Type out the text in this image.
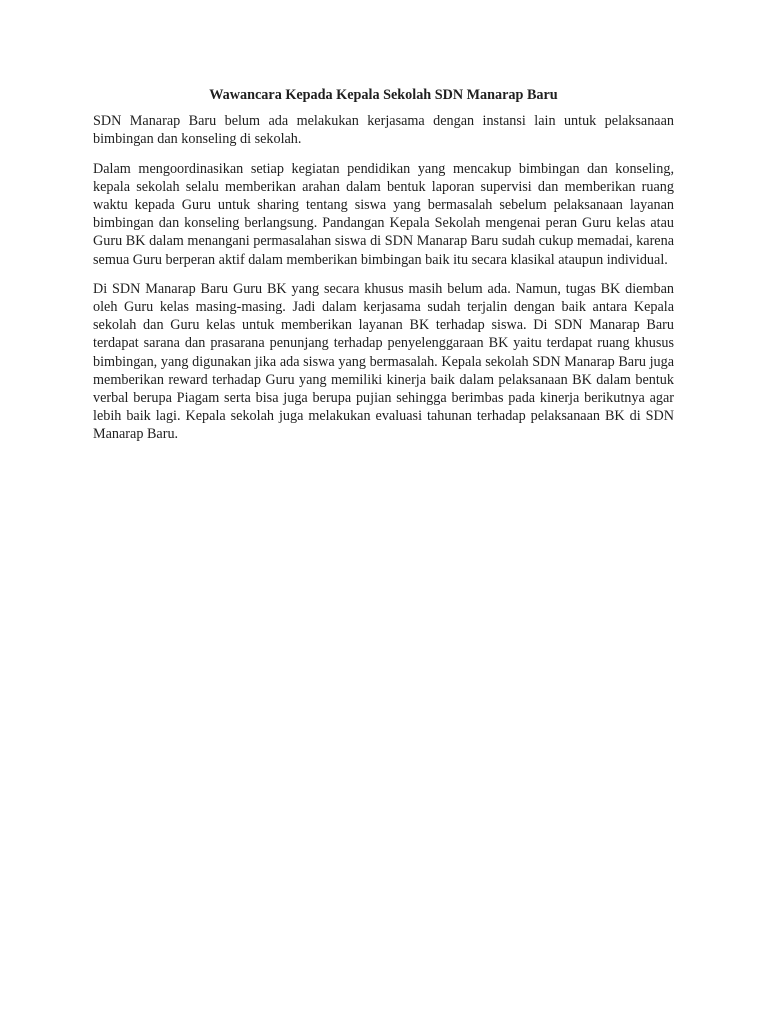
Wawancara Kepada Kepala Sekolah SDN Manarap Baru

SDN Manarap Baru belum ada melakukan kerjasama dengan instansi lain untuk pelaksanaan bimbingan dan konseling di sekolah.

Dalam mengoordinasikan setiap kegiatan pendidikan yang mencakup bimbingan dan konseling, kepala sekolah selalu memberikan arahan dalam bentuk laporan supervisi dan memberikan ruang waktu kepada Guru untuk sharing tentang siswa yang bermasalah sebelum pelaksanaan layanan bimbingan dan konseling berlangsung. Pandangan Kepala Sekolah mengenai peran Guru kelas atau Guru BK dalam menangani permasalahan siswa di SDN Manarap Baru sudah cukup memadai, karena semua Guru berperan aktif dalam memberikan bimbingan baik itu secara klasikal ataupun individual.

Di SDN Manarap Baru Guru BK yang secara khusus masih belum ada. Namun, tugas BK diemban oleh Guru kelas masing-masing. Jadi dalam kerjasama sudah terjalin dengan baik antara Kepala sekolah dan Guru kelas untuk memberikan layanan BK terhadap siswa. Di SDN Manarap Baru terdapat sarana dan prasarana penunjang terhadap penyelenggaraan BK yaitu terdapat ruang khusus bimbingan, yang digunakan jika ada siswa yang bermasalah. Kepala sekolah SDN Manarap Baru juga memberikan reward terhadap Guru yang memiliki kinerja baik dalam pelaksanaan BK dalam bentuk verbal berupa Piagam serta bisa juga berupa pujian sehingga berimbas pada kinerja berikutnya agar lebih baik lagi. Kepala sekolah juga melakukan evaluasi tahunan terhadap pelaksanaan BK di SDN Manarap Baru.
